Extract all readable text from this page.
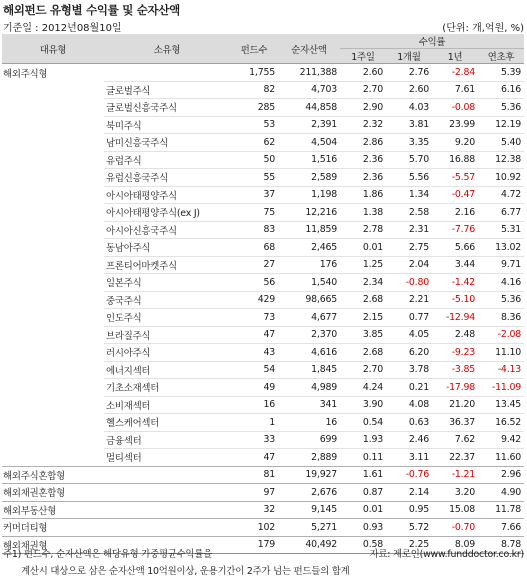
해외펀드 유형별 수익률 및 순자산액
기준일 : 2012년08월10일	(단위: 개,억원, %)
대유형	소유형	펀드수	순자산액	수익률			
				1주일	1개월	1년	연초후
해외주식형		1,755	211,388	2.60	2.76	-2.84	5.39
	글로벌주식	82	4,703	2.70	2.60	7.61	6.16
	글로벌신흥국주식	285	44,858	2.90	4.03	-0.08	5.36
	북미주식	53	2,391	2.32	3.81	23.99	12.19
	남미신흥국주식	62	4,504	2.86	3.35	9.20	5.40
	유럽주식	50	1,516	2.36	5.70	16.88	12.38
	유럽신흥국주식	55	2,589	2.36	5.56	-5.57	10.92
	아시아태평양주식	37	1,198	1.86	1.34	-0.47	4.72
	아시아태평양주식(ex J)	75	12,216	1.38	2.58	2.16	6.77
	아시아신흥국주식	83	11,859	2.78	2.31	-7.76	5.31
	동남아주식	68	2,465	0.01	2.75	5.66	13.02
	프론티어마켓주식	27	176	1.25	2.04	3.44	9.71
	일본주식	56	1,540	2.34	-0.80	-1.42	4.16
	중국주식	429	98,665	2.68	2.21	-5.10	5.36
	인도주식	73	4,677	2.15	0.77	-12.94	8.36
	브라질주식	47	2,370	3.85	4.05	2.48	-2.08
	러시아주식	43	4,616	2.68	6.20	-9.23	11.10
	에너지섹터	54	1,845	2.70	3.78	-3.85	-4.13
	기초소재섹터	49	4,989	4.24	0.21	-17.98	-11.09
	소비재섹터	16	341	3.90	4.08	21.20	13.45
	헬스케어섹터	1	16	0.54	0.63	36.37	16.52
	금융섹터	33	699	1.93	2.46	7.62	9.42
	멀티섹터	47	2,889	0.11	3.11	22.37	11.60
해외주식혼합형		81	19,927	1.61	-0.76	-1.21	2.96
해외채권혼합형		97	2,676	0.87	2.14	3.20	4.90
해외부동산형		32	9,145	0.01	0.95	15.08	11.78
커머더티형		102	5,271	0.93	5.72	-0.70	7.66
해외채권형		179	40,492	0.58	2.25	8.09	8.78
주1) 펀드수, 순자산액은 해당유형 가중평균수익률을	자료: 제로인(www.funddoctor.co.kr)
계산시 대상으로 삼은 순자산액 10억원이상, 운용기간이 2주가 넘는 펀드들의 합계
